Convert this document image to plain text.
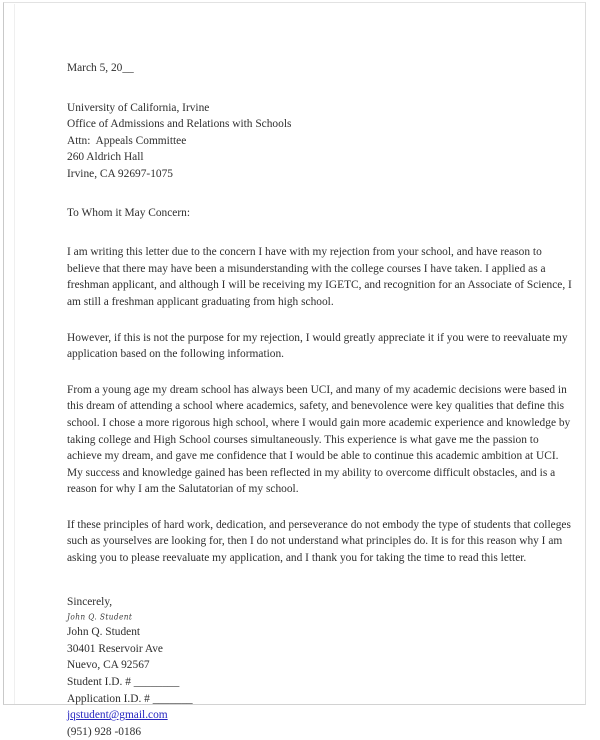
March 5, 20__
University of California, Irvine
Office of Admissions and Relations with Schools
Attn:  Appeals Committee
260 Aldrich Hall
Irvine, CA 92697-1075
To Whom it May Concern:

I am writing this letter due to the concern I have with my rejection from your school, and have reason to believe that there may have been a misunderstanding with the college courses I have taken. I applied as a freshman applicant, and although I will be receiving my IGETC, and recognition for an Associate of Science, I am still a freshman applicant graduating from high school.

However, if this is not the purpose for my rejection, I would greatly appreciate it if you were to reevaluate my application based on the following information.

From a young age my dream school has always been UCI, and many of my academic decisions were based in this dream of attending a school where academics, safety, and benevolence were key qualities that define this school. I chose a more rigorous high school, where I would gain more academic experience and knowledge by taking college and High School courses simultaneously. This experience is what gave me the passion to achieve my dream, and gave me confidence that I would be able to continue this academic ambition at UCI. My success and knowledge gained has been reflected in my ability to overcome difficult obstacles, and is a reason for why I am the Salutatorian of my school.

If these principles of hard work, dedication, and perseverance do not embody the type of students that colleges such as yourselves are looking for, then I do not understand what principles do. It is for this reason why I am asking you to please reevaluate my application, and I thank you for taking the time to read this letter.

Sincerely,
John Q. Student
John Q. Student
30401 Reservoir Ave
Nuevo, CA 92567
Student I.D. # ________
Application I.D. # _______
jqstudent@gmail.com
(951) 928 -0186
